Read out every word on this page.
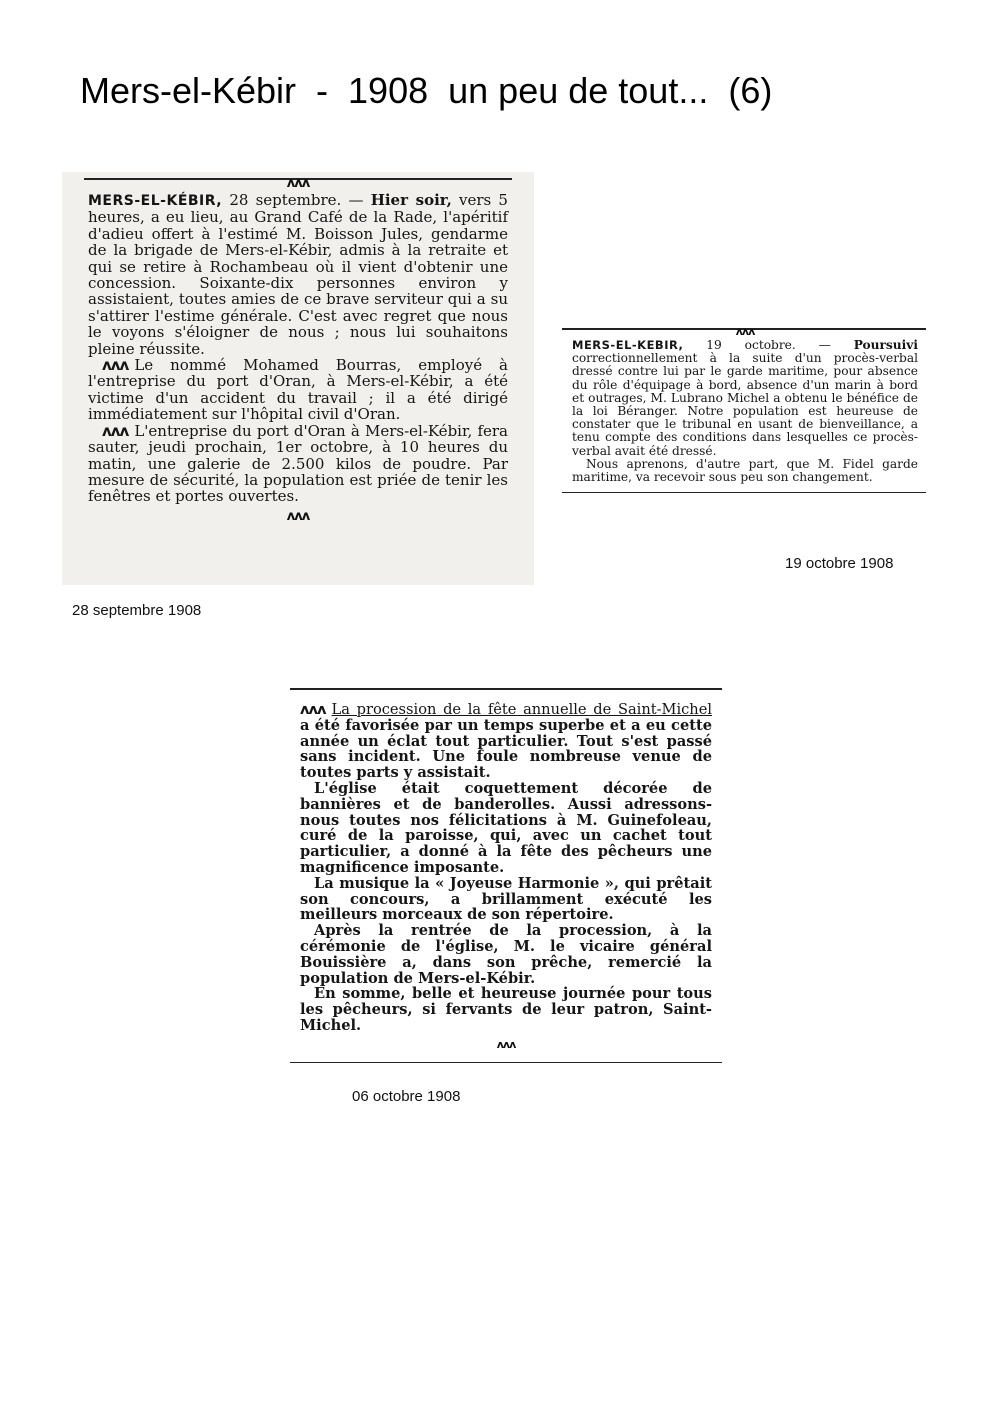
Mers-el-Kébir  -  1908  un peu de tout...  (6)
ʌʌʌ

MERS-EL-KÉBIR, 28 septembre. — Hier soir, vers 5 heures, a eu lieu, au Grand Café de la Rade, l'apéritif d'adieu offert à l'estimé M. Boisson Jules, gendarme de la brigade de Mers-el-Kébir, admis à la retraite et qui se retire à Rochambeau où il vient d'obtenir une concession. Soixante-dix personnes environ y assistaient, toutes amies de ce brave serviteur qui a su s'attirer l'estime générale. C'est avec regret que nous le voyons s'éloigner de nous ; nous lui souhaitons pleine réussite.

ʌʌʌ Le nommé Mohamed Bourras, employé à l'entreprise du port d'Oran, à Mers-el-Kébir, a été victime d'un accident du travail ; il a été dirigé immédiatement sur l'hôpital civil d'Oran.

ʌʌʌ L'entreprise du port d'Oran à Mers-el-Kébir, fera sauter, jeudi prochain, 1er octobre, à 10 heures du matin, une galerie de 2.500 kilos de poudre. Par mesure de sécurité, la population est priée de tenir les fenêtres et portes ouvertes.

ʌʌʌ

28 septembre 1908

ʌʌʌ

MERS-EL-KEBIR, 19 octobre. — Poursuivi correctionnellement à la suite d'un procès-verbal dressé contre lui par le garde maritime, pour absence du rôle d'équipage à bord, absence d'un marin à bord et outrages, M. Lubrano Michel a obtenu le bénéfice de la loi Béranger. Notre population est heureuse de constater que le tribunal en usant de bienveillance, a tenu compte des conditions dans lesquelles ce procès-verbal avait été dressé.

Nous aprenons, d'autre part, que M. Fidel garde maritime, va recevoir sous peu son changement.

19 octobre 1908

ʌʌʌ La procession de la fête annuelle de Saint-Michel a été favorisée par un temps superbe et a eu cette année un éclat tout particulier. Tout s'est passé sans incident. Une foule nombreuse venue de toutes parts y assistait.

L'église était coquettement décorée de bannières et de banderolles. Aussi adressons-nous toutes nos félicitations à M. Guinefoleau, curé de la paroisse, qui, avec un cachet tout particulier, a donné à la fête des pêcheurs une magnificence imposante.

La musique la « Joyeuse Harmonie », qui prêtait son concours, a brillamment exécuté les meilleurs morceaux de son répertoire.

Après la rentrée de la procession, à la cérémonie de l'église, M. le vicaire général Bouissière a, dans son prêche, remercié la population de Mers-el-Kébir.

En somme, belle et heureuse journée pour tous les pêcheurs, si fervants de leur patron, Saint-Michel.

ʌʌʌ

06 octobre 1908
